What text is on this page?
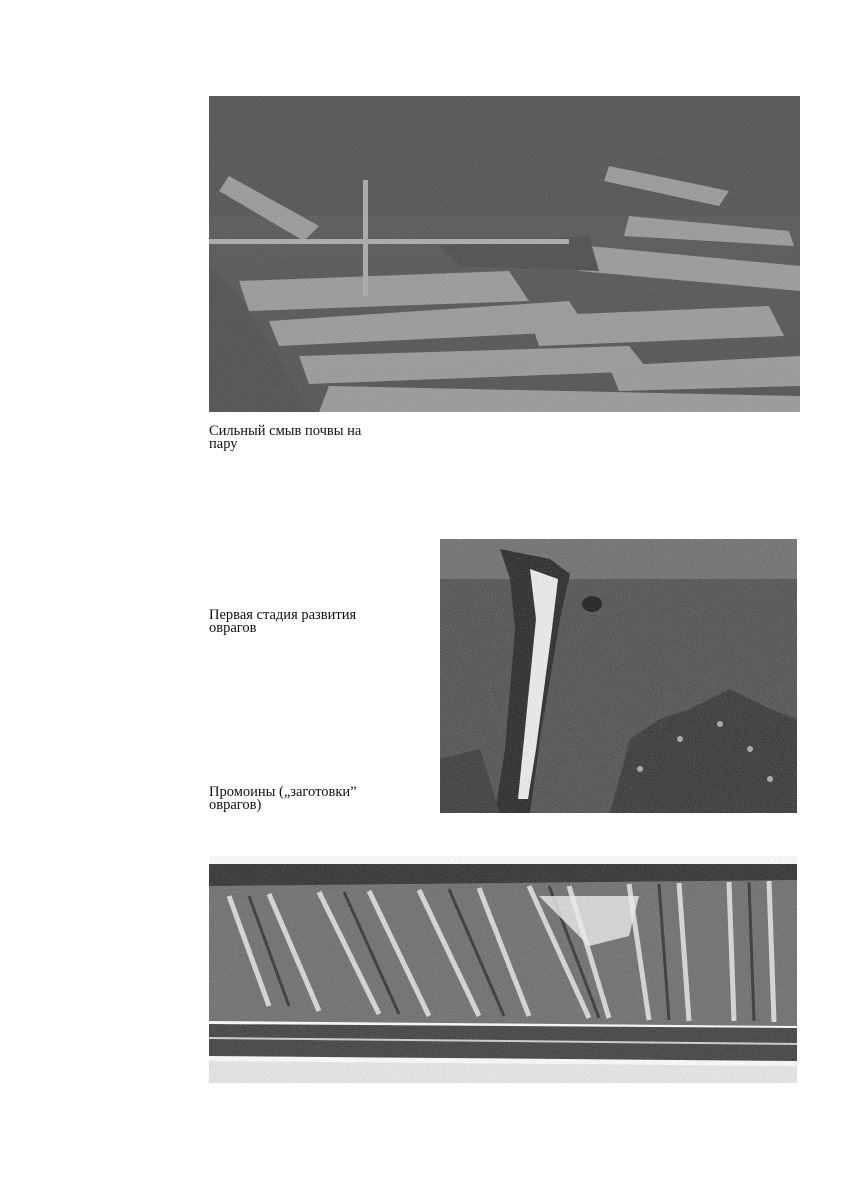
Сильный смыв почвы на
пару
Первая стадия развития
оврагов
Промоины („заготовки”
оврагов)
